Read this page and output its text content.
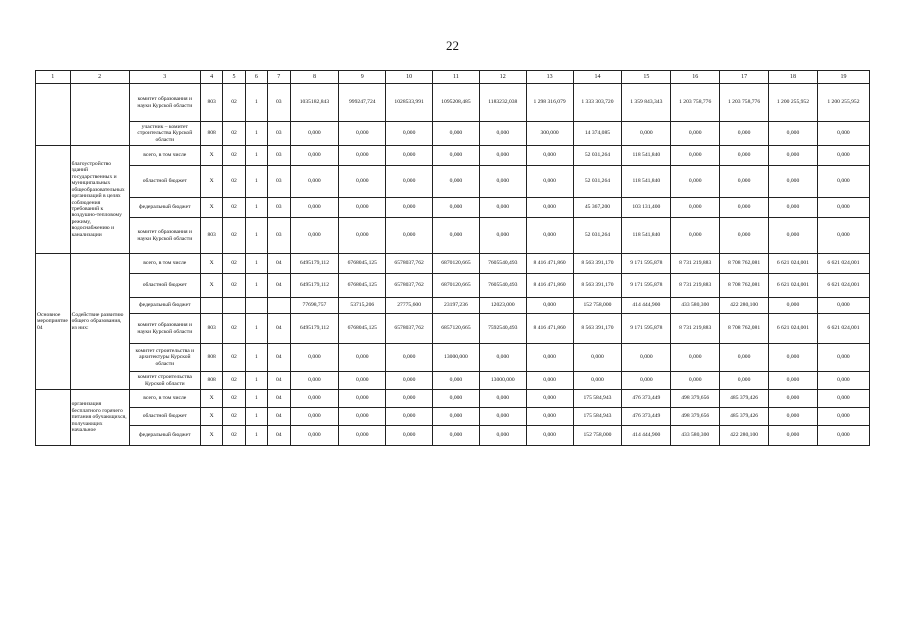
22
1	2	3	4	5	6	7	8	9	10	11	12	13	14	15	16	17	18	19
		комитет образования и науки Курской области	803	02	1	03	1035182,843	999247,724	1028533,991	1095208,485	1183232,038	1 298 316,079	1 333 303,720	1 359 843,343	1 203 758,776	1 203 758,776	1 200 255,952	1 200 255,952
		участник – комитет строительства Курской области	808	02	1	03	0,000	0,000	0,000	0,000	0,000	300,000	14 374,085	0,000	0,000	0,000	0,000	0,000
	благоустройство зданий государственных и муниципальных общеобразовательных организаций в целях соблюдения требований к воздушно-тепловому режиму, водоснабжению и канализации	всего, в том числе	Х	02	1	03	0,000	0,000	0,000	0,000	0,000	0,000	52 031,264	118 541,840	0,000	0,000	0,000	0,000
		областной бюджет	Х	02	1	03	0,000	0,000	0,000	0,000	0,000	0,000	52 031,264	118 541,840	0,000	0,000	0,000	0,000
		федеральный бюджет	Х	02	1	03	0,000	0,000	0,000	0,000	0,000	0,000	45 367,200	103 131,400	0,000	0,000	0,000	0,000
		комитет образования и науки Курской области	803	02	1	03	0,000	0,000	0,000	0,000	0,000	0,000	52 031,264	118 541,840	0,000	0,000	0,000	0,000
Основное мероприятие 04	Содействие развитию общего образования, из них:	всего, в том числе	Х	02	1	04	6495179,112	6768045,125	6578037,762	6870120,665	7605540,493	8 416 471,860	8 563 391,170	9 171 595,878	8 731 219,883	8 708 762,081	6 621 024,001	6 621 024,001
		областной бюджет	Х	02	1	04	6495179,112	6768045,125	6578037,762	6870120,665	7605540,493	8 416 471,860	8 563 391,170	9 171 595,878	8 731 219,883	8 708 762,081	6 621 024,001	6 621 024,001
		федеральный бюджет					77698,757	53715,206	27775,600	23197,236	12023,000	0,000	152 758,000	414 444,900	433 580,300	422 280,100	0,000	0,000
		комитет образования и науки Курской области	803	02	1	04	6495179,112	6768045,125	6578037,762	6857120,665	7592540,493	8 416 471,860	8 563 391,170	9 171 595,878	8 731 219,883	8 708 762,081	6 621 024,001	6 621 024,001
		комитет строительства и архитектуры Курской области	808	02	1	04	0,000	0,000	0,000	13000,000	0,000	0,000	0,000	0,000	0,000	0,000	0,000	0,000
		комитет строительства Курской области	808	02	1	04	0,000	0,000	0,000	0,000	13000,000	0,000	0,000	0,000	0,000	0,000	0,000	0,000
	организация бесплатного горячего питания обучающихся, получающих начальное	всего, в том числе	Х	02	1	04	0,000	0,000	0,000	0,000	0,000	0,000	175 584,943	476 373,449	498 379,656	485 379,426	0,000	0,000
		областной бюджет	Х	02	1	04	0,000	0,000	0,000	0,000	0,000	0,000	175 584,943	476 373,449	498 379,656	485 379,426	0,000	0,000
		федеральный бюджет	Х	02	1	04	0,000	0,000	0,000	0,000	0,000	0,000	152 758,000	414 444,900	433 580,300	422 280,100	0,000	0,000
